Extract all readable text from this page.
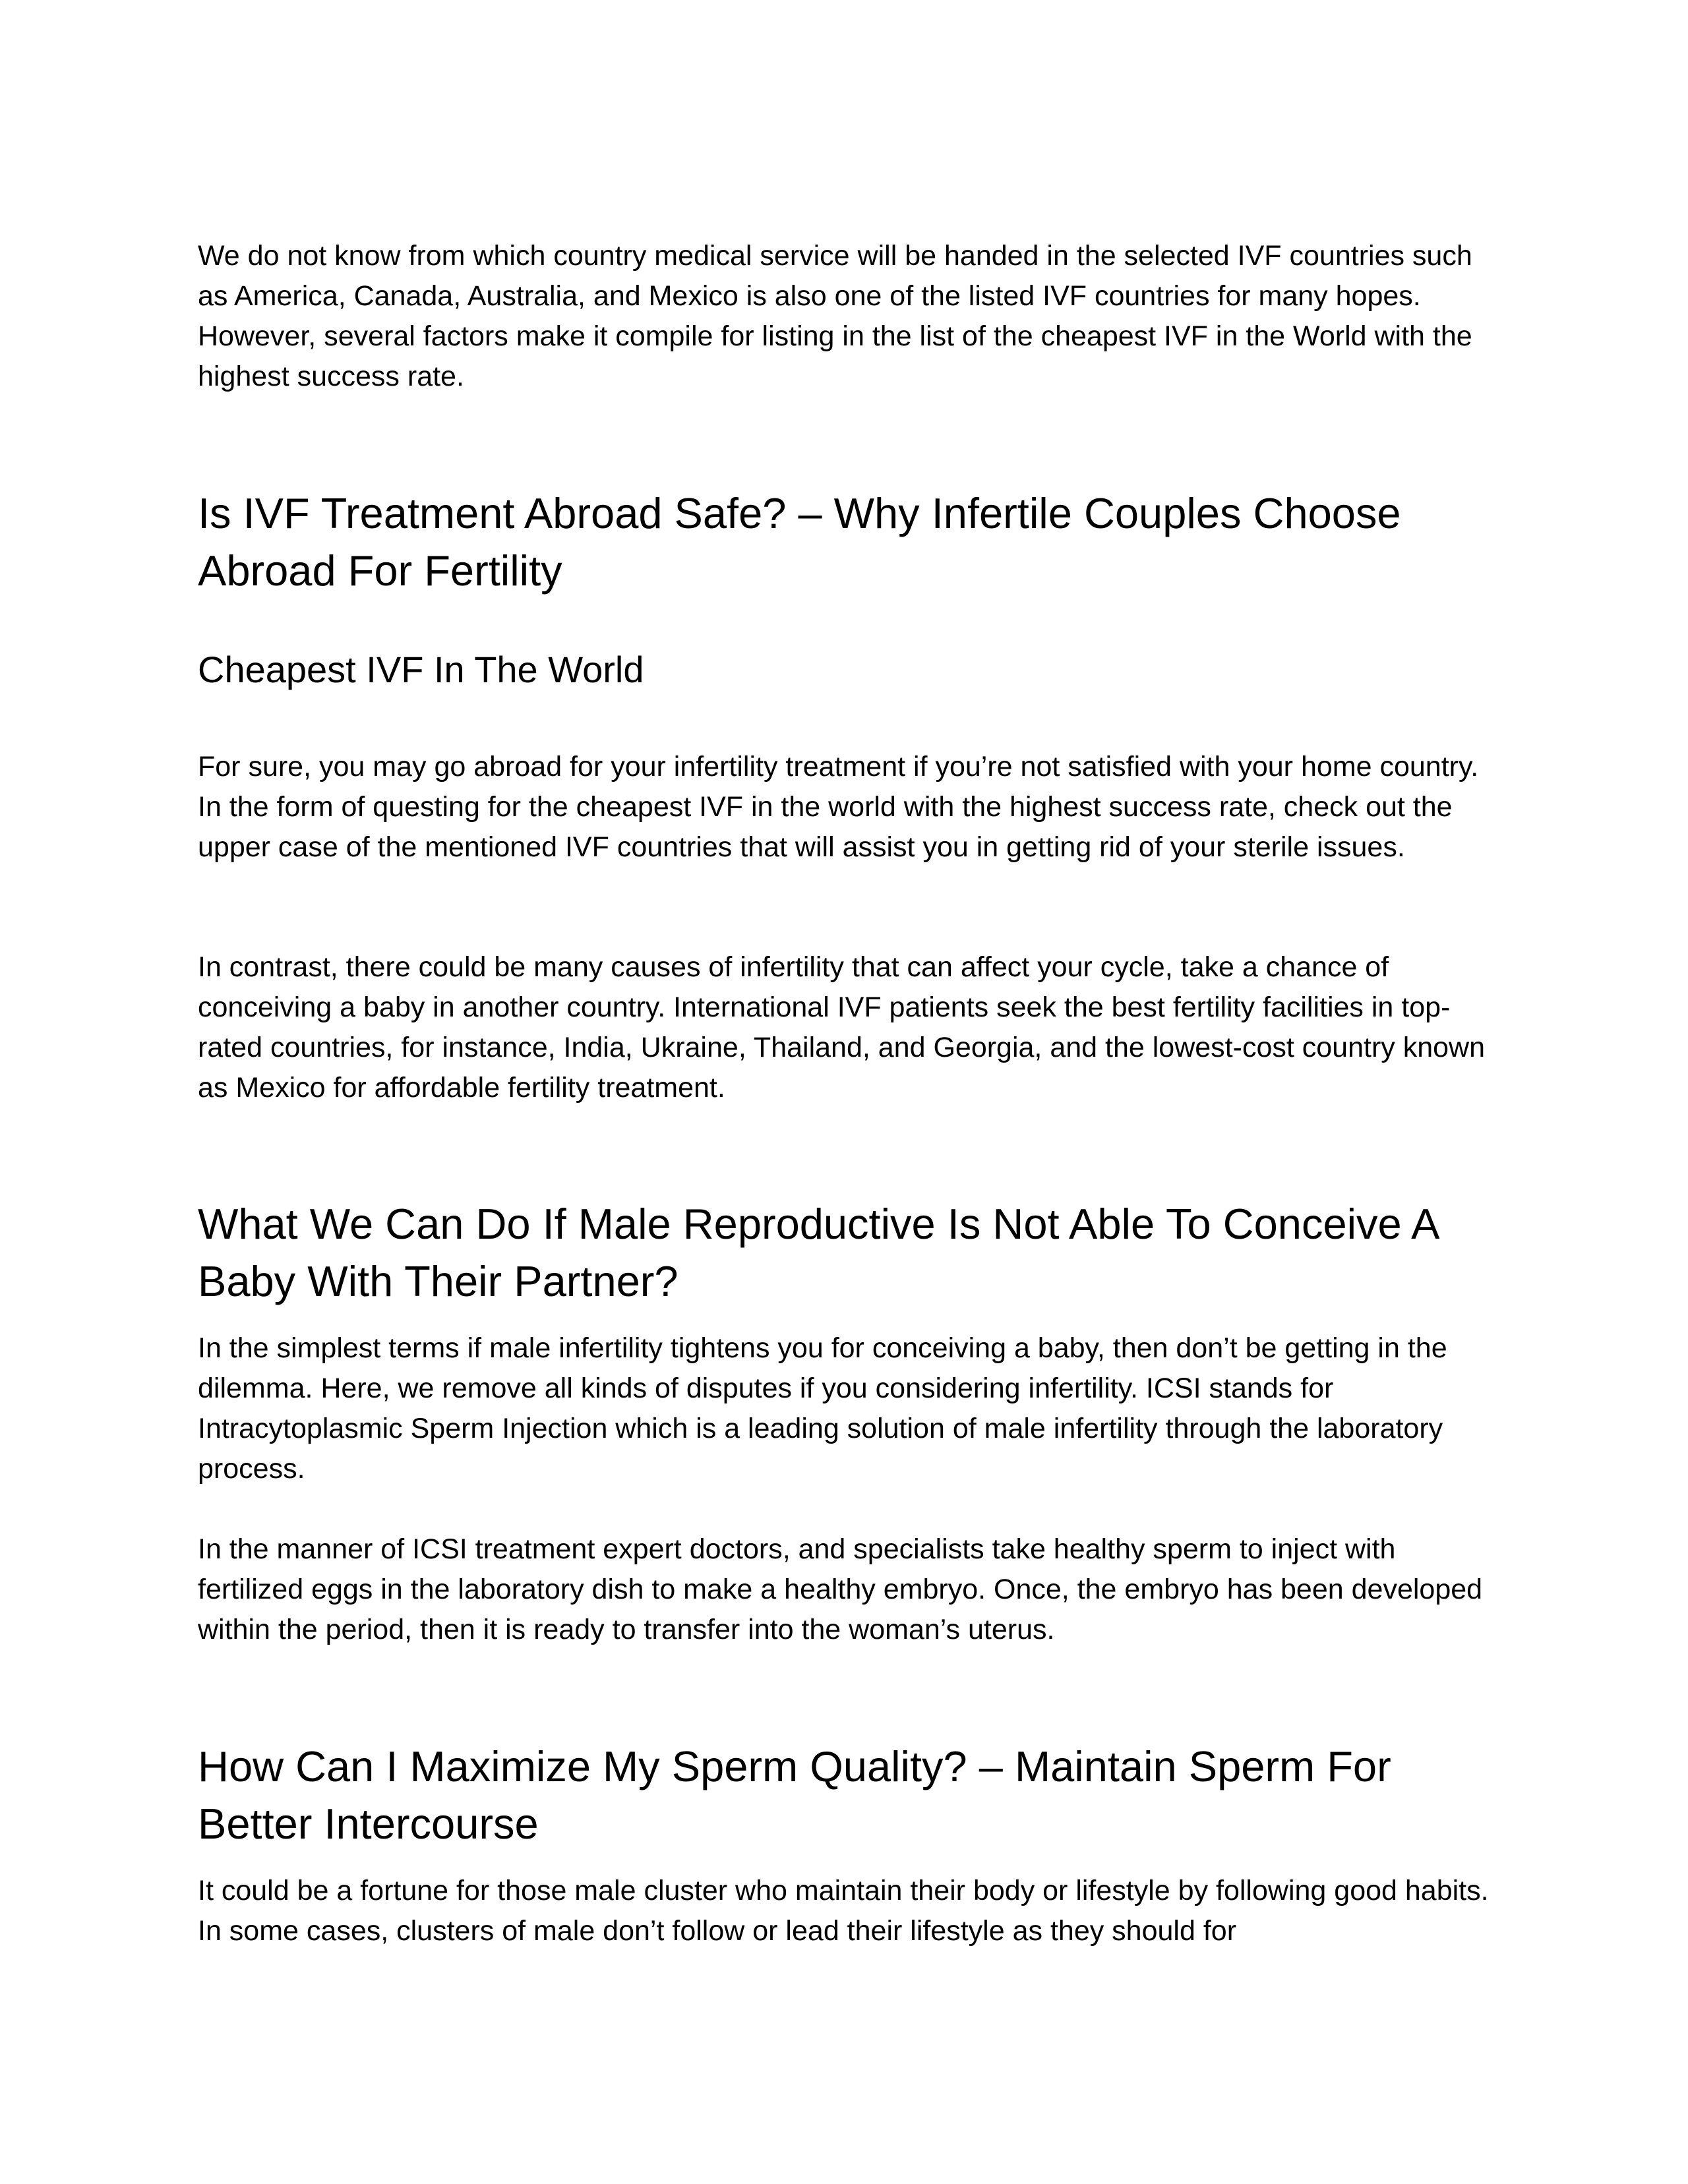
We do not know from which country medical service will be handed in the selected IVF countries such as America, Canada, Australia, and Mexico is also one of the listed IVF countries for many hopes. However, several factors make it compile for listing in the list of the cheapest IVF in the World with the highest success rate.

Is IVF Treatment Abroad Safe? – Why Infertile Couples Choose Abroad For Fertility
Cheapest IVF In The World

For sure, you may go abroad for your infertility treatment if you’re not satisfied with your home country. In the form of questing for the cheapest IVF in the world with the highest success rate, check out the upper case of the mentioned IVF countries that will assist you in getting rid of your sterile issues.

In contrast, there could be many causes of infertility that can affect your cycle, take a chance of conceiving a baby in another country. International IVF patients seek the best fertility facilities in top-rated countries, for instance, India, Ukraine, Thailand, and Georgia, and the lowest-cost country known as Mexico for affordable fertility treatment.

What We Can Do If Male Reproductive Is Not Able To Conceive A Baby With Their Partner?

In the simplest terms if male infertility tightens you for conceiving a baby, then don’t be getting in the dilemma. Here, we remove all kinds of disputes if you considering infertility. ICSI stands for Intracytoplasmic Sperm Injection which is a leading solution of male infertility through the laboratory process.

In the manner of ICSI treatment expert doctors, and specialists take healthy sperm to inject with fertilized eggs in the laboratory dish to make a healthy embryo. Once, the embryo has been developed within the period, then it is ready to transfer into the woman’s uterus.

How Can I Maximize My Sperm Quality? – Maintain Sperm For Better Intercourse

It could be a fortune for those male cluster who maintain their body or lifestyle by following good habits. In some cases, clusters of male don’t follow or lead their lifestyle as they should for
